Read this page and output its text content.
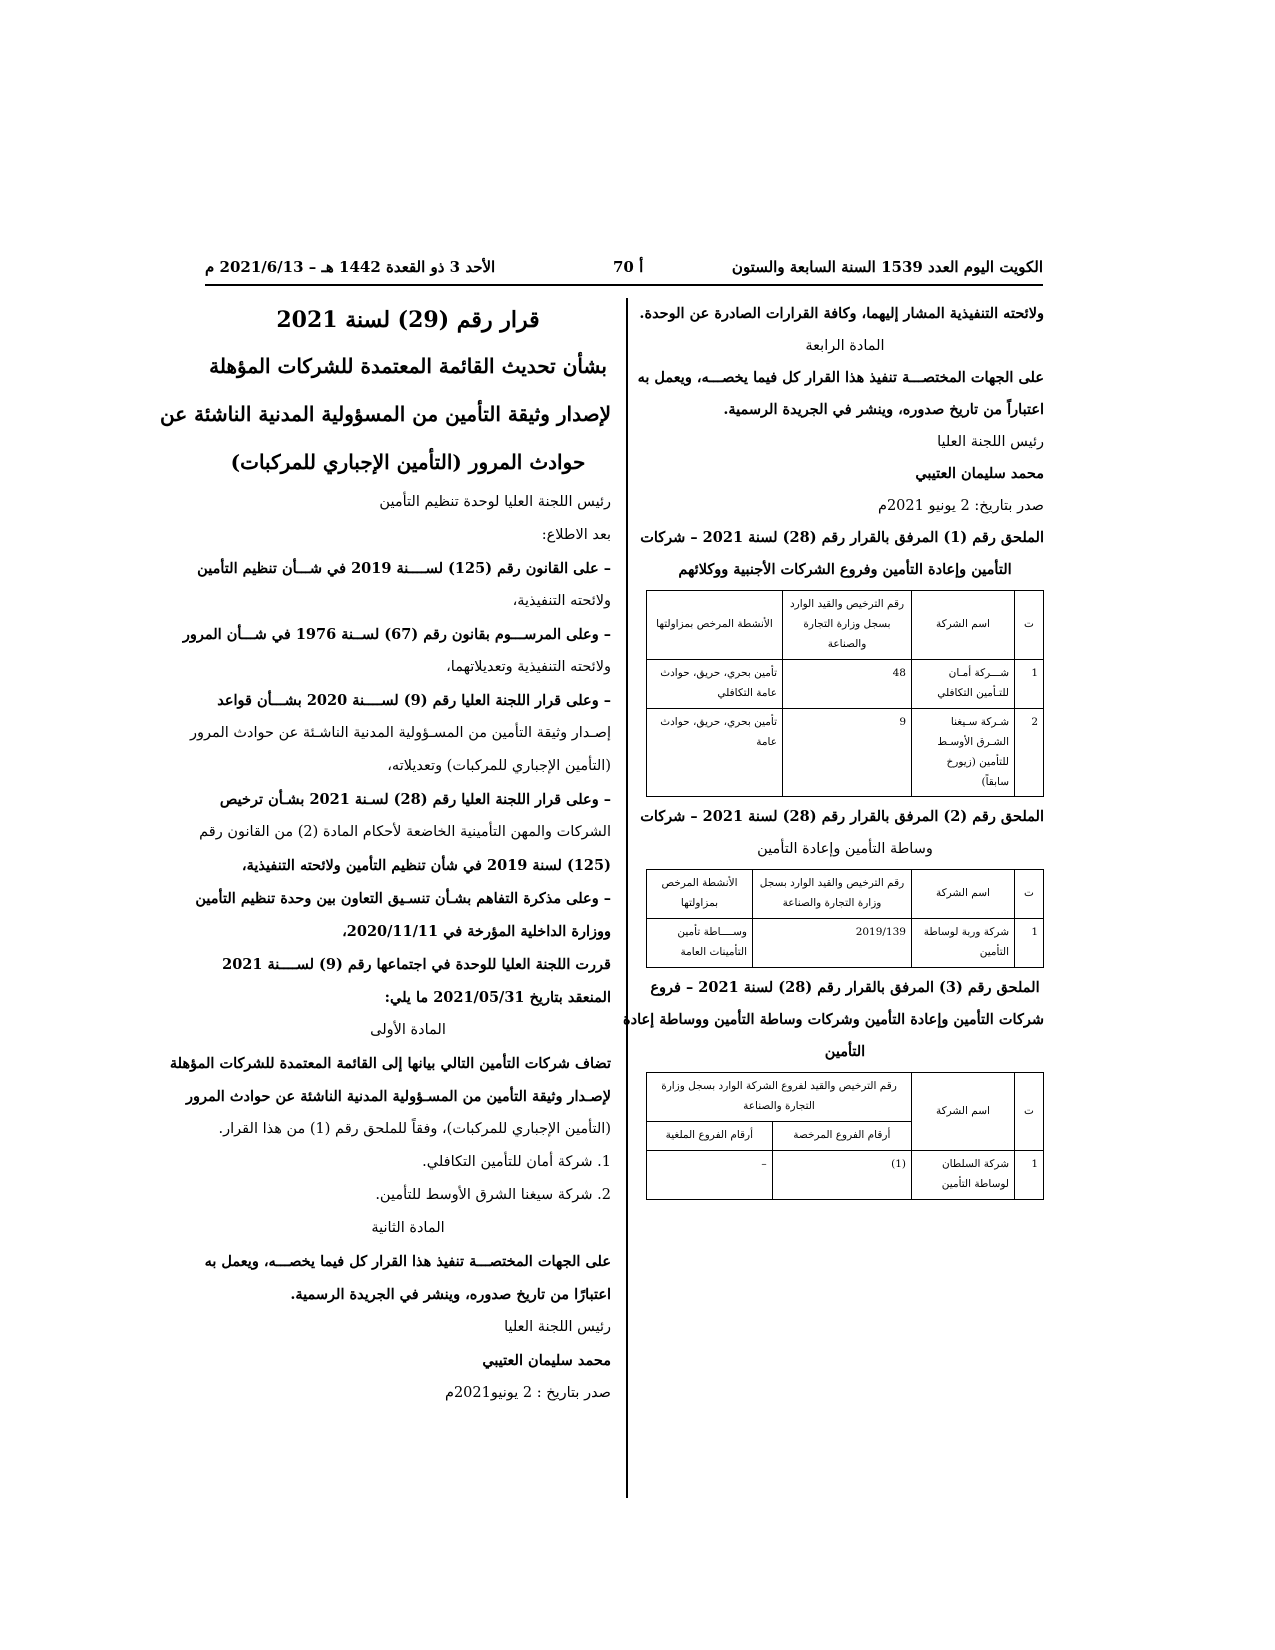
الكويت اليوم العدد 1539 السنة السابعة والستون
أ 70
الأحد 3 ذو القعدة 1442 هـ – 2021/6/13 م

ولائحته التنفيذية المشار إليهما، وكافة القرارات الصادرة عن الوحدة.

المادة الرابعة

على الجهات المختصـــة تنفيذ هذا القرار كل فيما يخصـــه، ويعمل به

اعتباراً من تاريخ صدوره، وينشر في الجريدة الرسمية.

رئيس اللجنة العليا

محمد سليمان العتيبي

صدر بتاريخ: 2 يونيو 2021م

الملحق رقم (1) المرفق بالقرار رقم (28) لسنة 2021 – شركات

التأمين وإعادة التأمين وفروع الشركات الأجنبية ووكلائهم

ت	اسم الشركة	رقم الترخيص والقيد الوارد بسجل وزارة التجارة والصناعة	الأنشطة المرخص بمزاولتها
1	شـــركة أمـان للتـأمين التكافلي	48	تأمين بحري، حريق، حوادث عامة التكافلي
2	شـركة سـيغنا الشـرق الأوسـط للتأمين (زيورخ سابقاً)	9	تأمين بحري، حريق، حوادث عامة

الملحق رقم (2) المرفق بالقرار رقم (28) لسنة 2021 – شركات

وساطة التأمين وإعادة التأمين

ت	اسم الشركة	رقم الترخيص والقيد الوارد بسجل وزارة التجارة والصناعة	الأنشطة المرخص بمزاولتها
1	شركة وربة لوساطة التأمين	2019/139	وســــاطة تأمين التأمينات العامة

الملحق رقم (3) المرفق بالقرار رقم (28) لسنة 2021 – فروع

شركات التأمين وإعادة التأمين وشركات وساطة التأمين ووساطة إعادة

التأمين

ت	اسم الشركة	رقم الترخيص والقيد لفروع الشركة الوارد بسجل وزارة التجارة والصناعة	
		أرقام الفروع المرخصة	أرقام الفروع الملغية
1	شركة السلطان لوساطة التأمين	(1)	–
قرار رقم (29) لسنة 2021
بشأن تحديث القائمة المعتمدة للشركات المؤهلة
لإصدار وثيقة التأمين من المسؤولية المدنية الناشئة عن
حوادث المرور (التأمين الإجباري للمركبات)

رئيس اللجنة العليا لوحدة تنظيم التأمين

بعد الاطلاع:

– على القانون رقم (125) لســــنة 2019 في شـــأن تنظيم التأمين

ولائحته التنفيذية،

– وعلى المرســـوم بقانون رقم (67) لســنة 1976 في شـــأن المرور

ولائحته التنفيذية وتعديلاتهما،

– وعلى قرار اللجنة العليا رقم (9) لســــنة 2020 بشـــأن قواعد

إصـدار وثيقة التأمين من المسـؤولية المدنية الناشـئة عن حوادث المرور

(التأمين الإجباري للمركبات) وتعديلاته،

– وعلى قرار اللجنة العليا رقم (28) لسـنة 2021 بشـأن ترخيص

الشركات والمهن التأمينية الخاضعة لأحكام المادة (2) من القانون رقم

(125) لسنة 2019 في شأن تنظيم التأمين ولائحته التنفيذية،

– وعلى مذكرة التفاهم بشـأن تنسـيق التعاون بين وحدة تنظيم التأمين

ووزارة الداخلية المؤرخة في 2020/11/11،

قررت اللجنة العليا للوحدة في اجتماعها رقم (9) لســــنة 2021

المنعقد بتاريخ 2021/05/31 ما يلي:

المادة الأولى

تضاف شركات التأمين التالي بيانها إلى القائمة المعتمدة للشركات المؤهلة

لإصـدار وثيقة التأمين من المسـؤولية المدنية الناشئة عن حوادث المرور

(التأمين الإجباري للمركبات)، وفقاً للملحق رقم (1) من هذا القرار.

1. شركة أمان للتأمين التكافلي.

2. شركة سيغنا الشرق الأوسط للتأمين.

المادة الثانية

على الجهات المختصـــة تنفيذ هذا القرار كل فيما يخصـــه، ويعمل به

اعتبارًا من تاريخ صدوره، وينشر في الجريدة الرسمية.

رئيس اللجنة العليا

محمد سليمان العتيبي

صدر بتاريخ : 2 يونيو2021م
